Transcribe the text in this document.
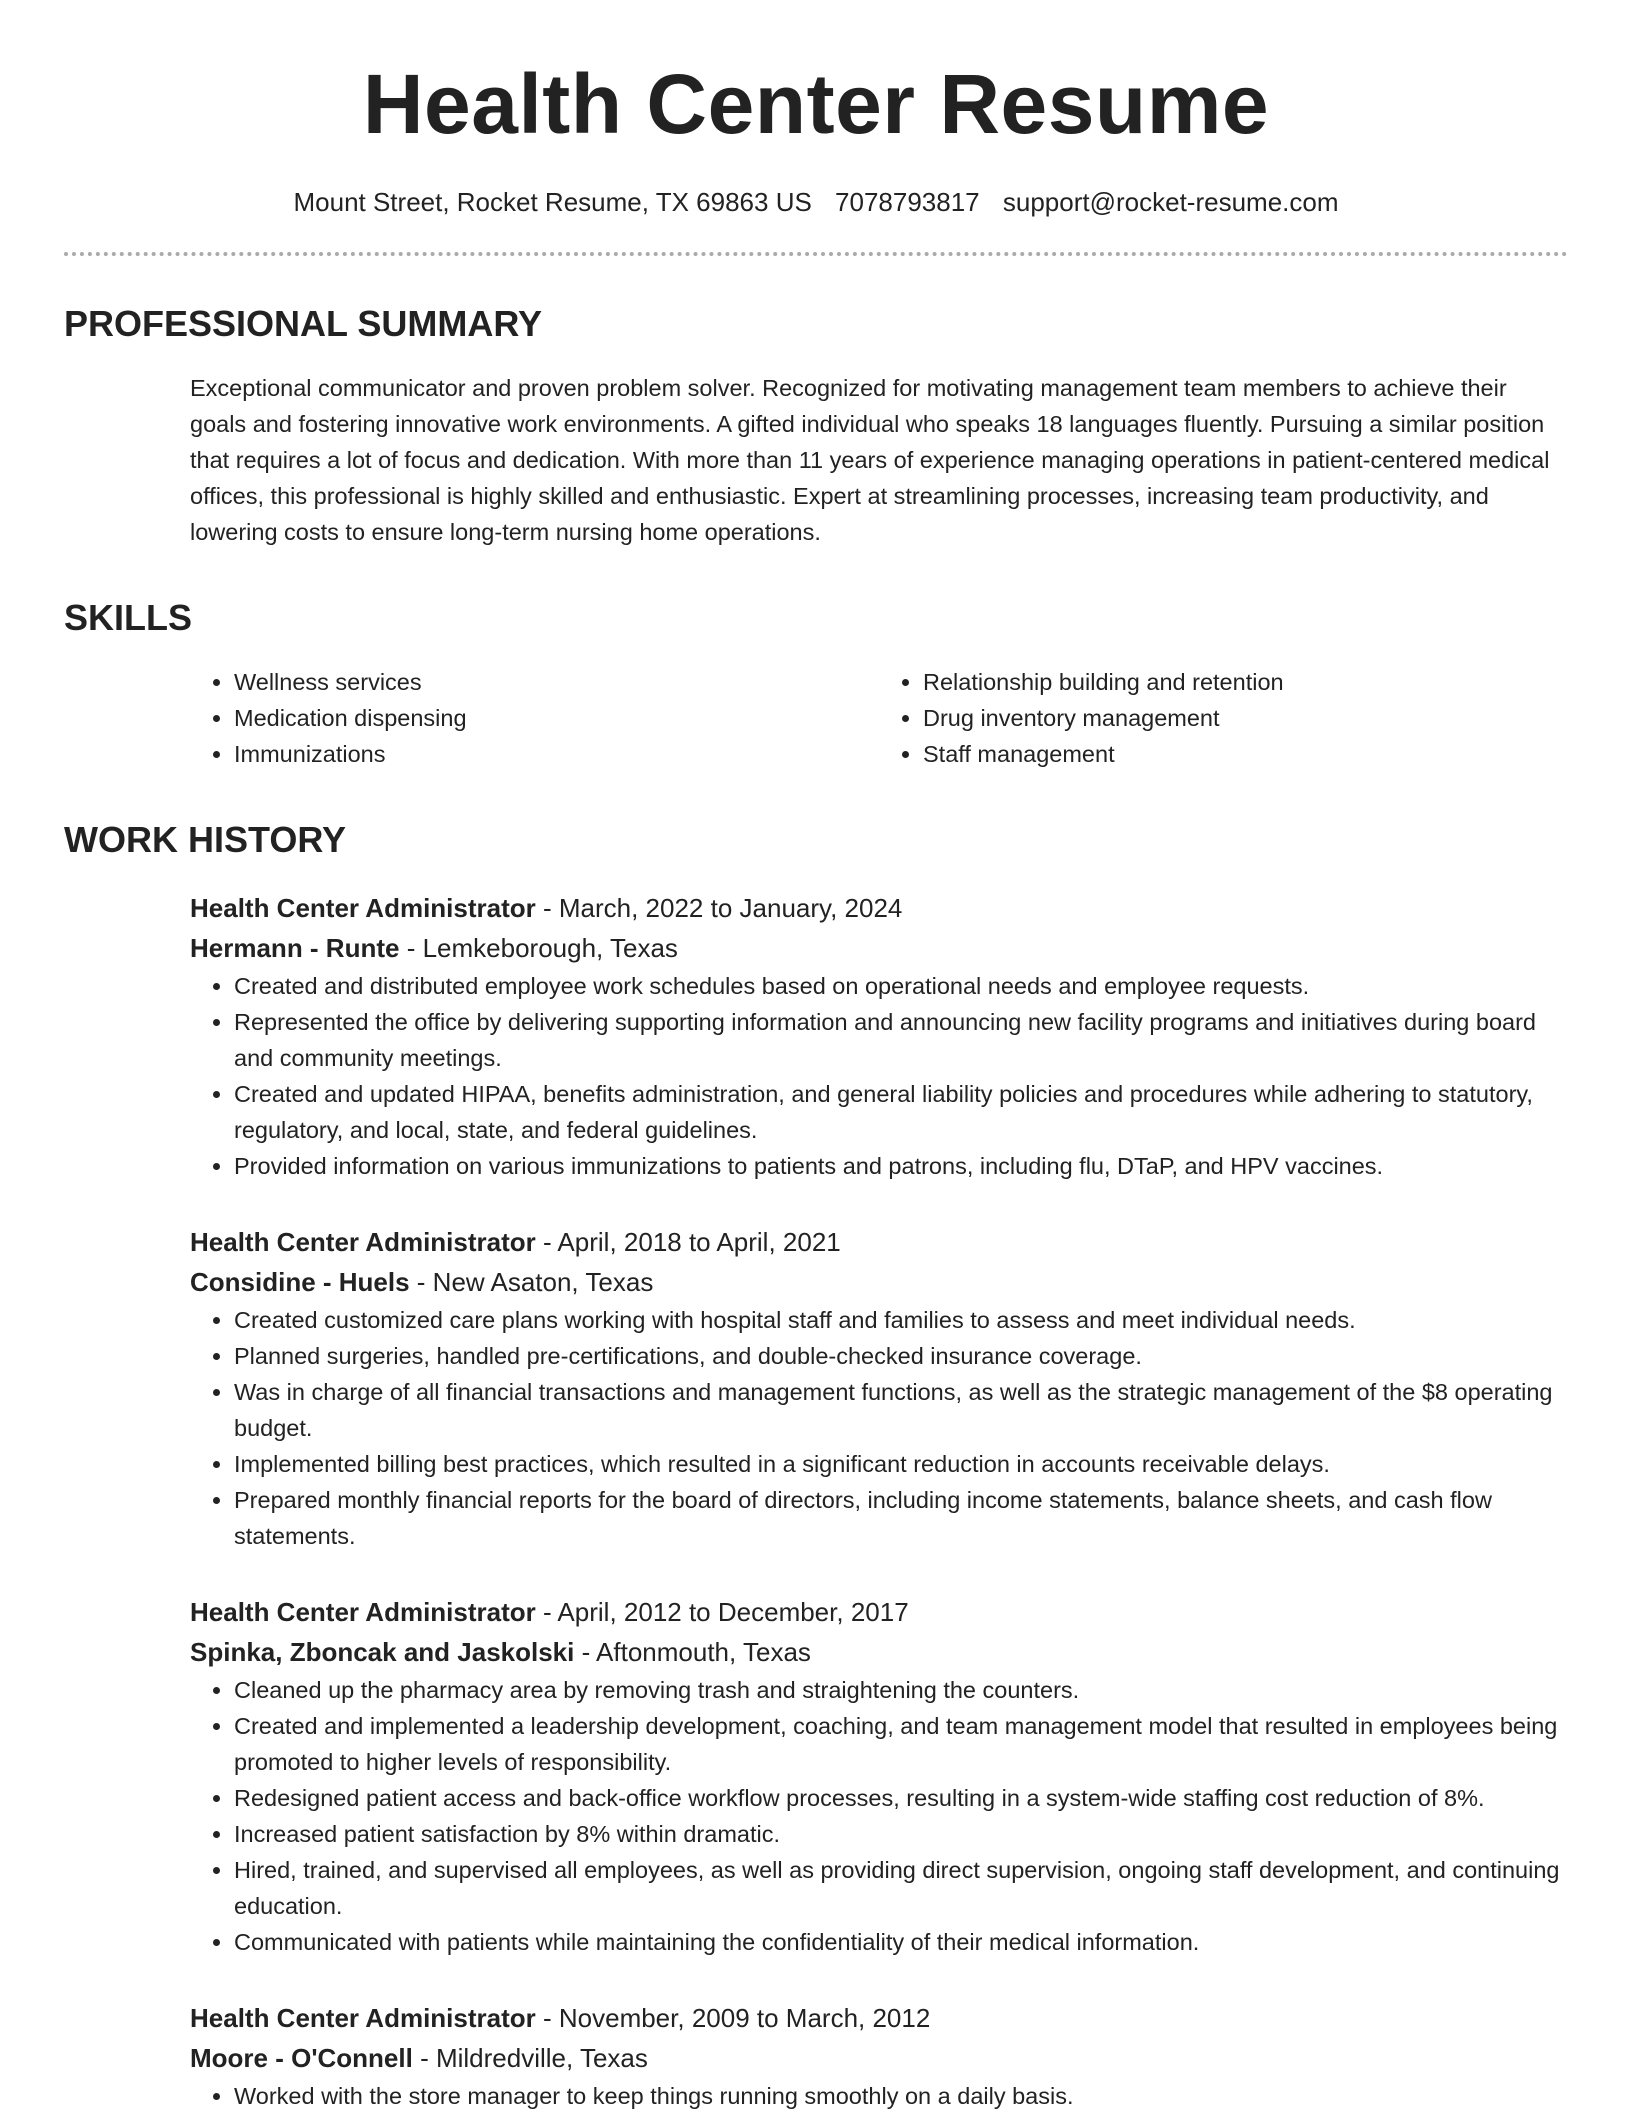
Health Center Resume
Mount Street, Rocket Resume, TX 69863 US 7078793817 support@rocket-resume.com
PROFESSIONAL SUMMARY
Exceptional communicator and proven problem solver. Recognized for motivating management team members to achieve their goals and fostering innovative work environments. A gifted individual who speaks 18 languages fluently. Pursuing a similar position that requires a lot of focus and dedication. With more than 11 years of experience managing operations in patient-centered medical offices, this professional is highly skilled and enthusiastic. Expert at streamlining processes, increasing team productivity, and lowering costs to ensure long-term nursing home operations.
SKILLS
• Wellness services
• Medication dispensing
• Immunizations
• Relationship building and retention
• Drug inventory management
• Staff management
WORK HISTORY
Health Center Administrator - March, 2022 to January, 2024
Hermann - Runte - Lemkeborough, Texas
• Created and distributed employee work schedules based on operational needs and employee requests.
• Represented the office by delivering supporting information and announcing new facility programs and initiatives during board and community meetings.
• Created and updated HIPAA, benefits administration, and general liability policies and procedures while adhering to statutory, regulatory, and local, state, and federal guidelines.
• Provided information on various immunizations to patients and patrons, including flu, DTaP, and HPV vaccines.
Health Center Administrator - April, 2018 to April, 2021
Considine - Huels - New Asaton, Texas
• Created customized care plans working with hospital staff and families to assess and meet individual needs.
• Planned surgeries, handled pre-certifications, and double-checked insurance coverage.
• Was in charge of all financial transactions and management functions, as well as the strategic management of the $8 operating budget.
• Implemented billing best practices, which resulted in a significant reduction in accounts receivable delays.
• Prepared monthly financial reports for the board of directors, including income statements, balance sheets, and cash flow statements.
Health Center Administrator - April, 2012 to December, 2017
Spinka, Zboncak and Jaskolski - Aftonmouth, Texas
• Cleaned up the pharmacy area by removing trash and straightening the counters.
• Created and implemented a leadership development, coaching, and team management model that resulted in employees being promoted to higher levels of responsibility.
• Redesigned patient access and back-office workflow processes, resulting in a system-wide staffing cost reduction of 8%.
• Increased patient satisfaction by 8% within dramatic.
• Hired, trained, and supervised all employees, as well as providing direct supervision, ongoing staff development, and continuing education.
• Communicated with patients while maintaining the confidentiality of their medical information.
Health Center Administrator - November, 2009 to March, 2012
Moore - O'Connell - Mildredville, Texas
• Worked with the store manager to keep things running smoothly on a daily basis.
